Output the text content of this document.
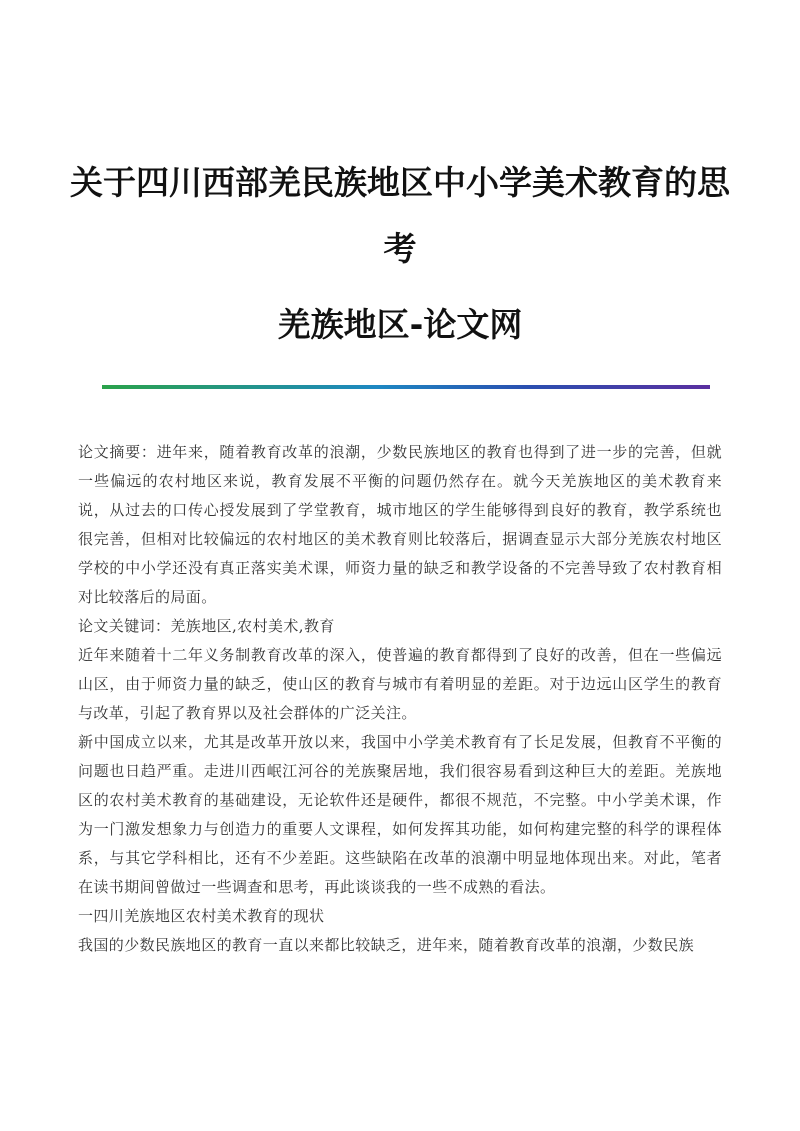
关于四川西部羌民族地区中小学美术教育的思考
羌族地区-论文网

论文摘要：进年来，随着教育改革的浪潮，少数民族地区的教育也得到了进一步的完善，但就一些偏远的农村地区来说，教育发展不平衡的问题仍然存在。就今天羌族地区的美术教育来说，从过去的口传心授发展到了学堂教育，城市地区的学生能够得到良好的教育，教学系统也很完善，但相对比较偏远的农村地区的美术教育则比较落后，据调查显示大部分羌族农村地区学校的中小学还没有真正落实美术课，师资力量的缺乏和教学设备的不完善导致了农村教育相对比较落后的局面。

论文关键词：羌族地区,农村美术,教育

近年来随着十二年义务制教育改革的深入，使普遍的教育都得到了良好的改善，但在一些偏远山区，由于师资力量的缺乏，使山区的教育与城市有着明显的差距。对于边远山区学生的教育与改革，引起了教育界以及社会群体的广泛关注。

新中国成立以来，尤其是改革开放以来，我国中小学美术教育有了长足发展，但教育不平衡的问题也日趋严重。走进川西岷江河谷的羌族聚居地，我们很容易看到这种巨大的差距。羌族地区的农村美术教育的基础建设，无论软件还是硬件，都很不规范，不完整。中小学美术课，作为一门激发想象力与创造力的重要人文课程，如何发挥其功能，如何构建完整的科学的课程体系，与其它学科相比，还有不少差距。这些缺陷在改革的浪潮中明显地体现出来。对此，笔者在读书期间曾做过一些调查和思考，再此谈谈我的一些不成熟的看法。

一四川羌族地区农村美术教育的现状

我国的少数民族地区的教育一直以来都比较缺乏，进年来，随着教育改革的浪潮，少数民族
